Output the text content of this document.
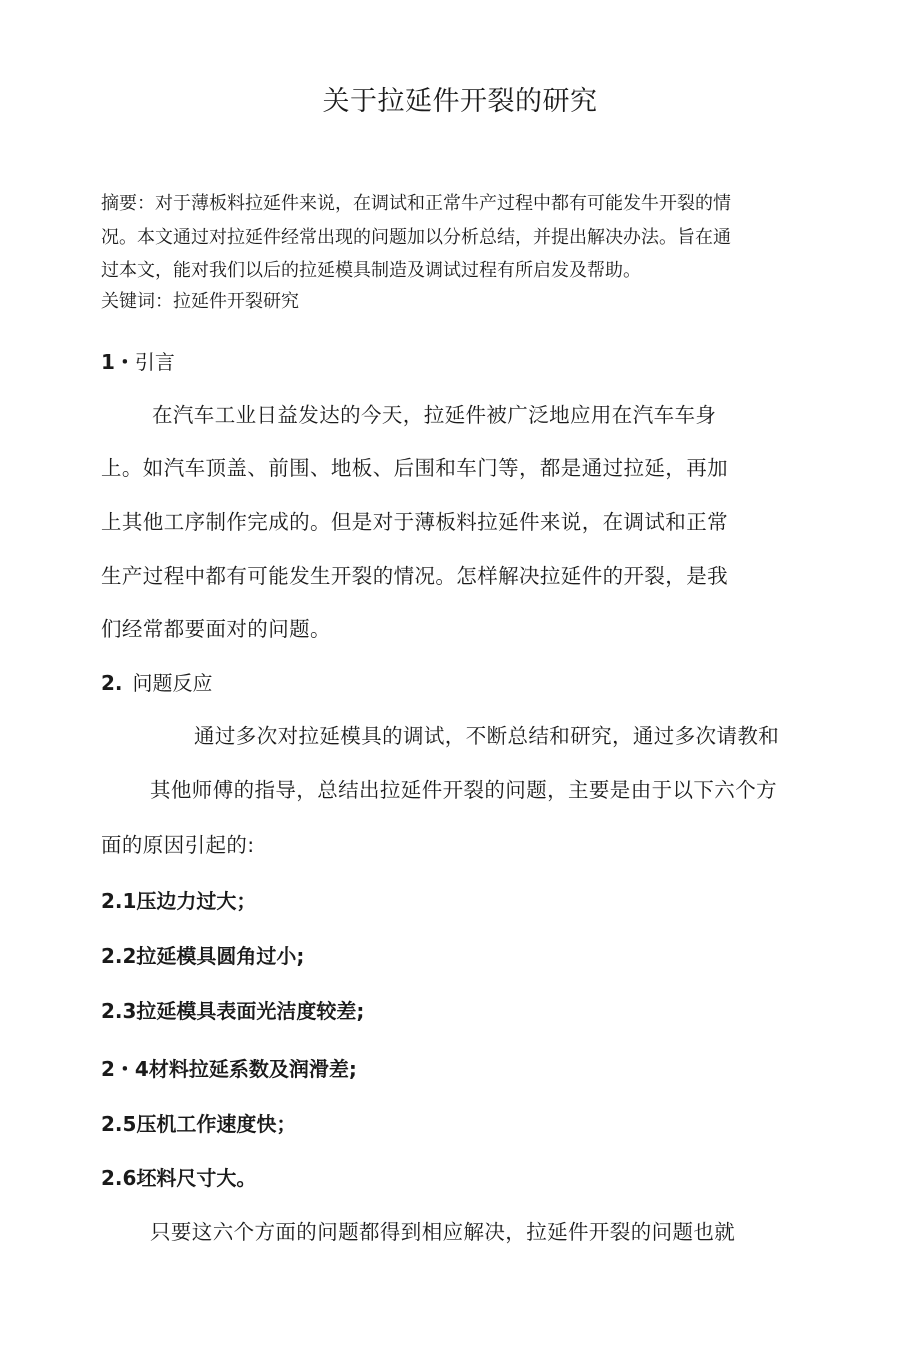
关于拉延件开裂的研究
摘要：对于薄板料拉延件来说，在调试和正常牛产过程中都有可能发牛开裂的情
况。本文通过对拉延件经常出现的问题加以分析总结，并提出解决办法。旨在通
过本文，能对我们以后的拉延模具制造及调试过程有所启发及帮助。
关键词：拉延件开裂研究
1・引言
在汽车工业日益发达的今天，拉延件被广泛地应用在汽车车身
上。如汽车顶盖、前围、地板、后围和车门等，都是通过拉延，再加
上其他工序制作完成的。但是对于薄板料拉延件来说，在调试和正常
生产过程中都有可能发生开裂的情况。怎样解决拉延件的开裂，是我
们经常都要面对的问题。
2. 问题反应
通过多次对拉延模具的调试，不断总结和研究，通过多次请教和
其他师傅的指导，总结出拉延件开裂的问题，主要是由于以下六个方
面的原因引起的:
2.1压边力过大；
2.2拉延模具圆角过小;
2.3拉延模具表面光洁度较差;
2・4材料拉延系数及润滑差;
2.5压机工作速度快；
2.6坯料尺寸大。
只要这六个方面的问题都得到相应解决，拉延件开裂的问题也就
